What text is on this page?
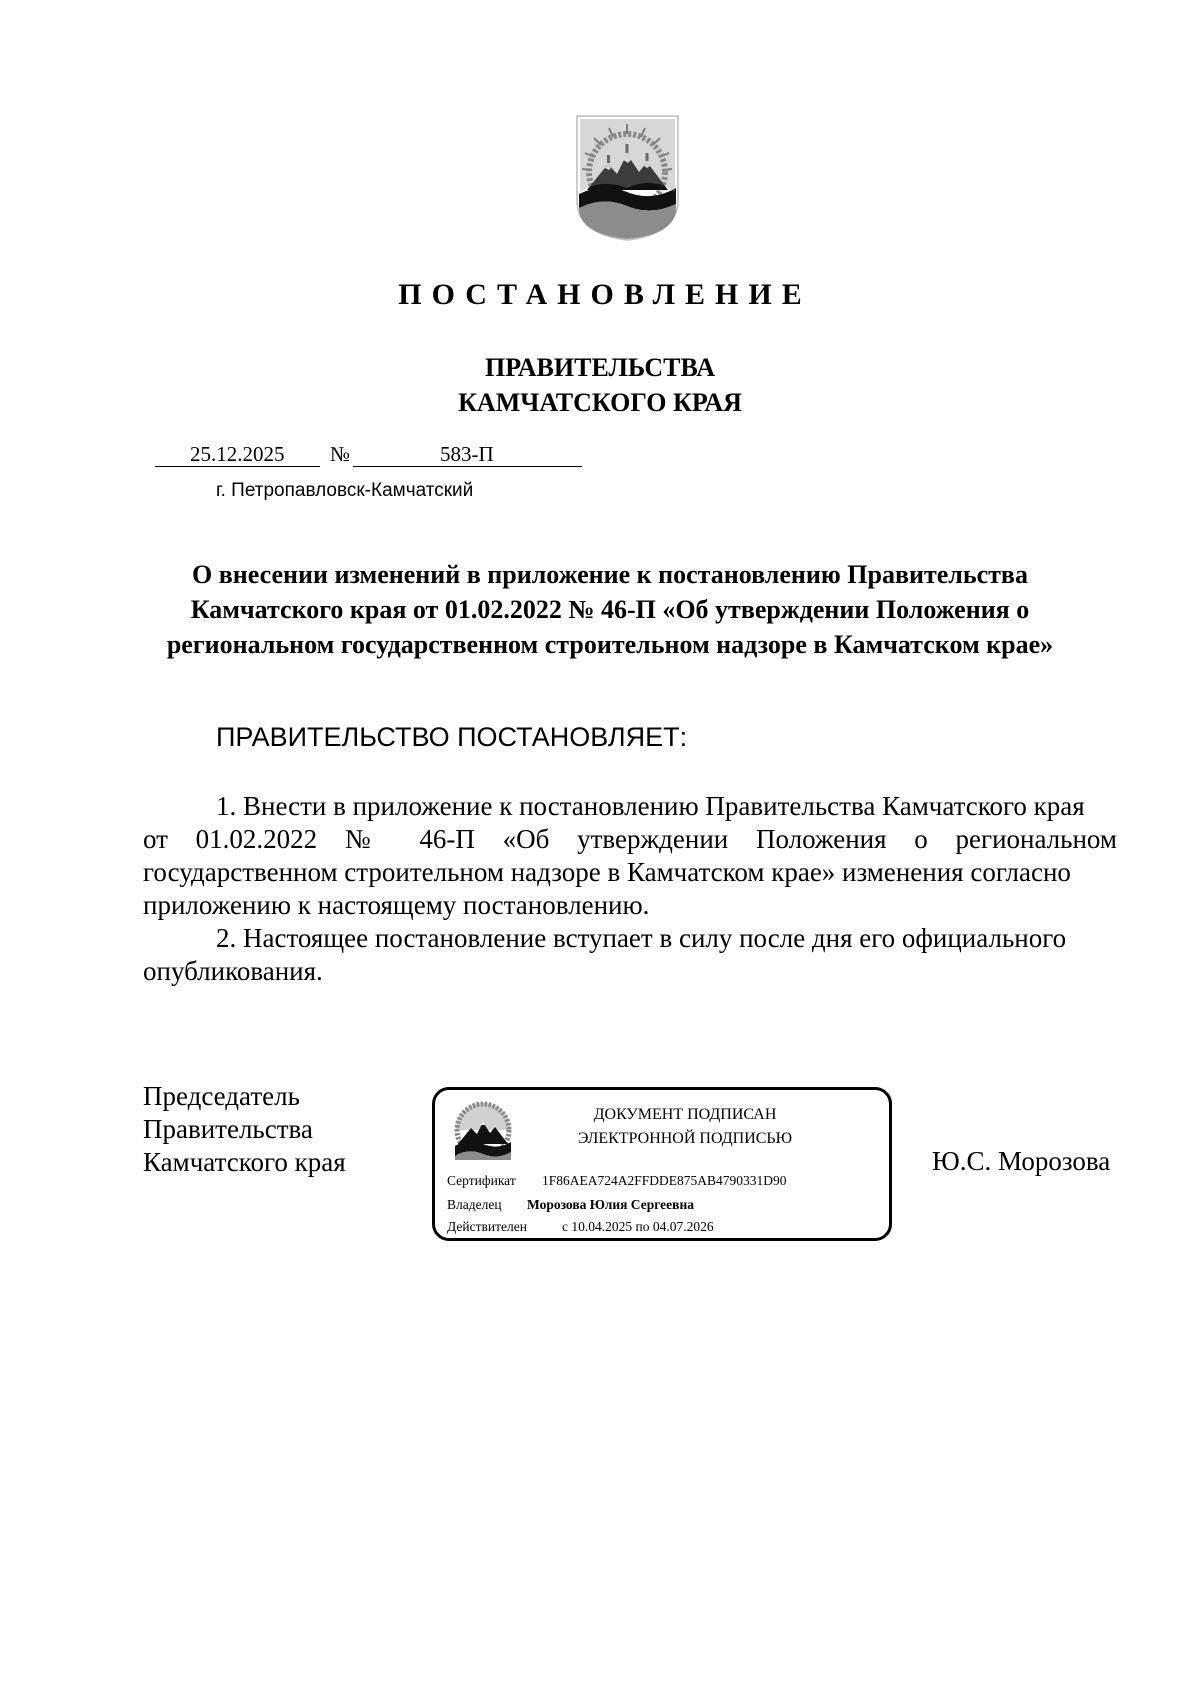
ПОСТАНОВЛЕНИЕ
ПРАВИТЕЛЬСТВА
КАМЧАТСКОГО КРАЯ
25.12.2025 №	583-П
г. Петропавловск-Камчатский
О внесении изменений в приложение к постановлению Правительства
Камчатского края от 01.02.2022 № 46-П «Об утверждении Положения о
региональном государственном строительном надзоре в Камчатском крае»
ПРАВИТЕЛЬСТВО ПОСТАНОВЛЯЕТ:
1. Внести в приложение к постановлению Правительства Камчатского края
от 01.02.2022 № 46-П «Об утверждении Положения о региональном
государственном строительном надзоре в Камчатском крае» изменения согласно
приложению к настоящему постановлению.
2. Настоящее постановление вступает в силу после дня его официального
опубликования.
Председатель
Правительства
Камчатского края
ДОКУМЕНТ ПОДПИСАН
ЭЛЕКТРОННОЙ ПОДПИСЬЮ
Сертификат 1F86AEA724A2FFDDE875AB4790331D90
Владелец Морозова Юлия Сергеевна
Действителен	с 10.04.2025 по 04.07.2026
Ю.С. Морозова
